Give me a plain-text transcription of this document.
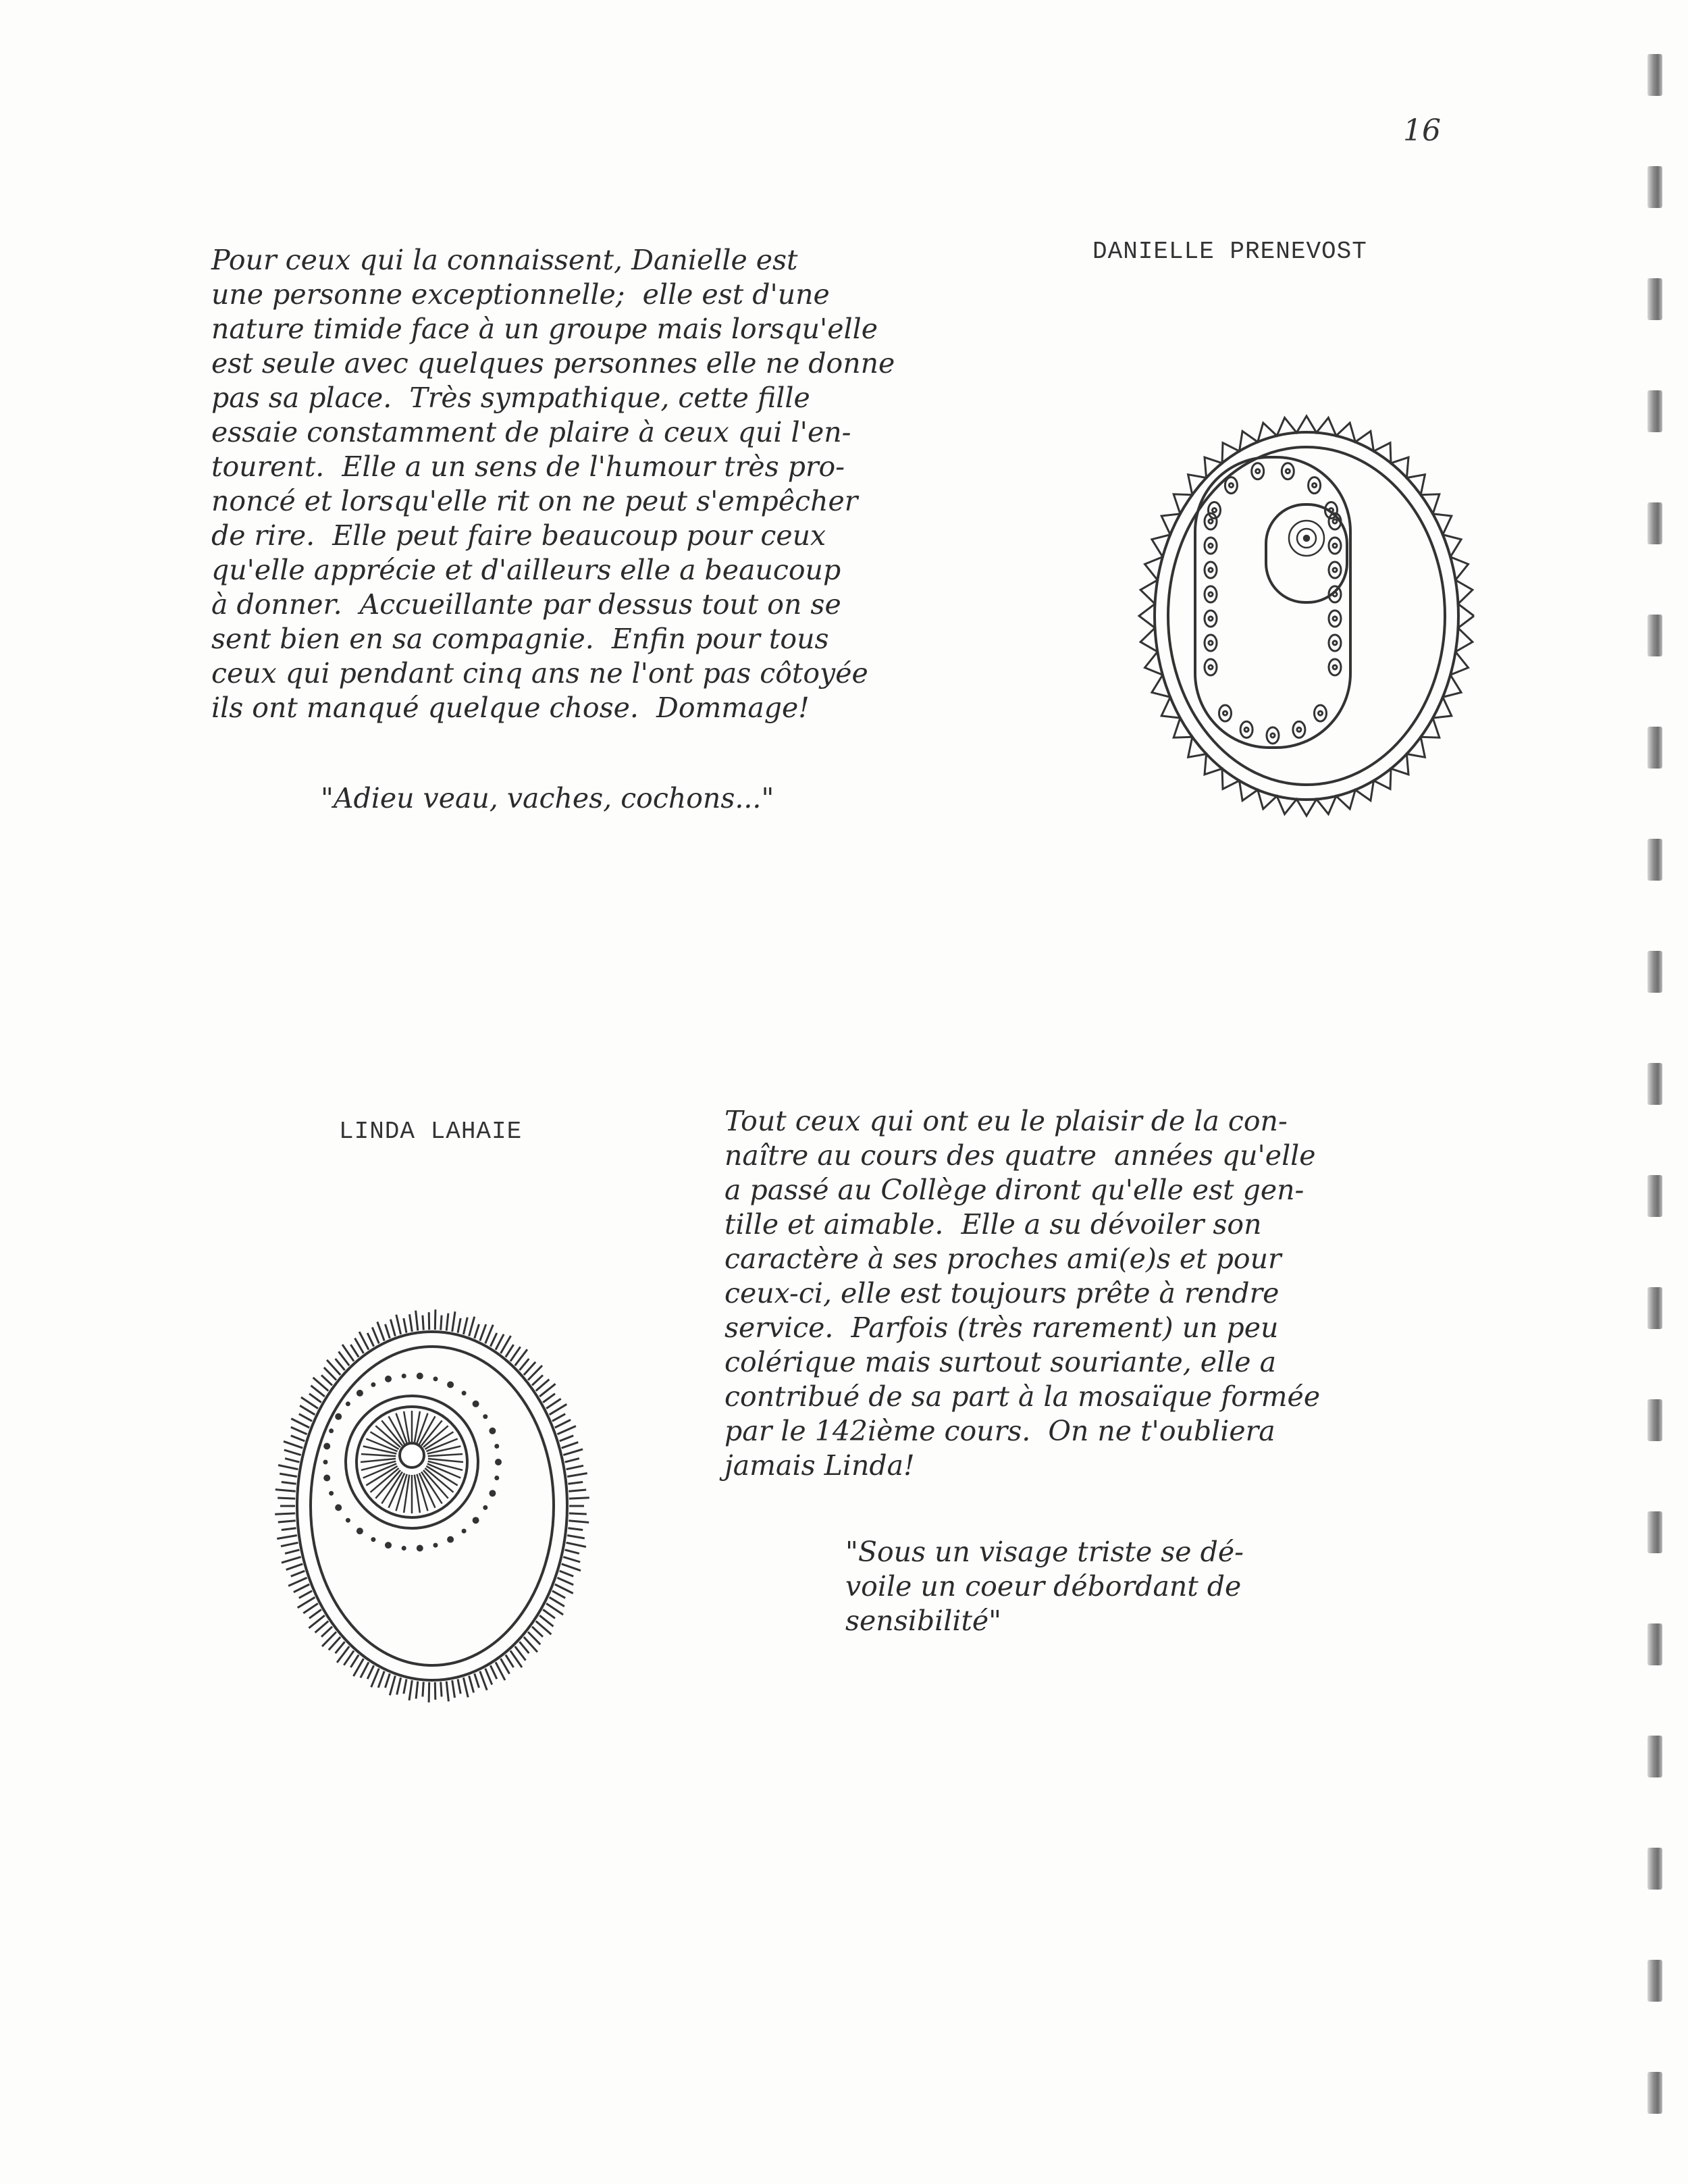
16
DANIELLE PRENEVOST
Pour ceux qui la connaissent, Danielle est
une personne exceptionnelle;  elle est d'une
nature timide face à un groupe mais lorsqu'elle
est seule avec quelques personnes elle ne donne
pas sa place.  Très sympathique, cette fille
essaie constamment de plaire à ceux qui l'en-
tourent.  Elle a un sens de l'humour très pro-
noncé et lorsqu'elle rit on ne peut s'empêcher
de rire.  Elle peut faire beaucoup pour ceux
qu'elle apprécie et d'ailleurs elle a beaucoup
à donner.  Accueillante par dessus tout on se
sent bien en sa compagnie.  Enfin pour tous
ceux qui pendant cinq ans ne l'ont pas côtoyée
ils ont manqué quelque chose.  Dommage!
"Adieu veau, vaches, cochons..."
LINDA LAHAIE	Tout ceux qui ont eu le plaisir de la con-
naître au cours des quatre  années qu'elle
a passé au Collège diront qu'elle est gen-
tille et aimable.  Elle a su dévoiler son
caractère à ses proches ami(e)s et pour
ceux-ci, elle est toujours prête à rendre
service.  Parfois (très rarement) un peu
colérique mais surtout souriante, elle a
contribué de sa part à la mosaïque formée
par le 142ième cours.  On ne t'oubliera
jamais Linda!
"Sous un visage triste se dé-
voile un coeur débordant de
sensibilité"
